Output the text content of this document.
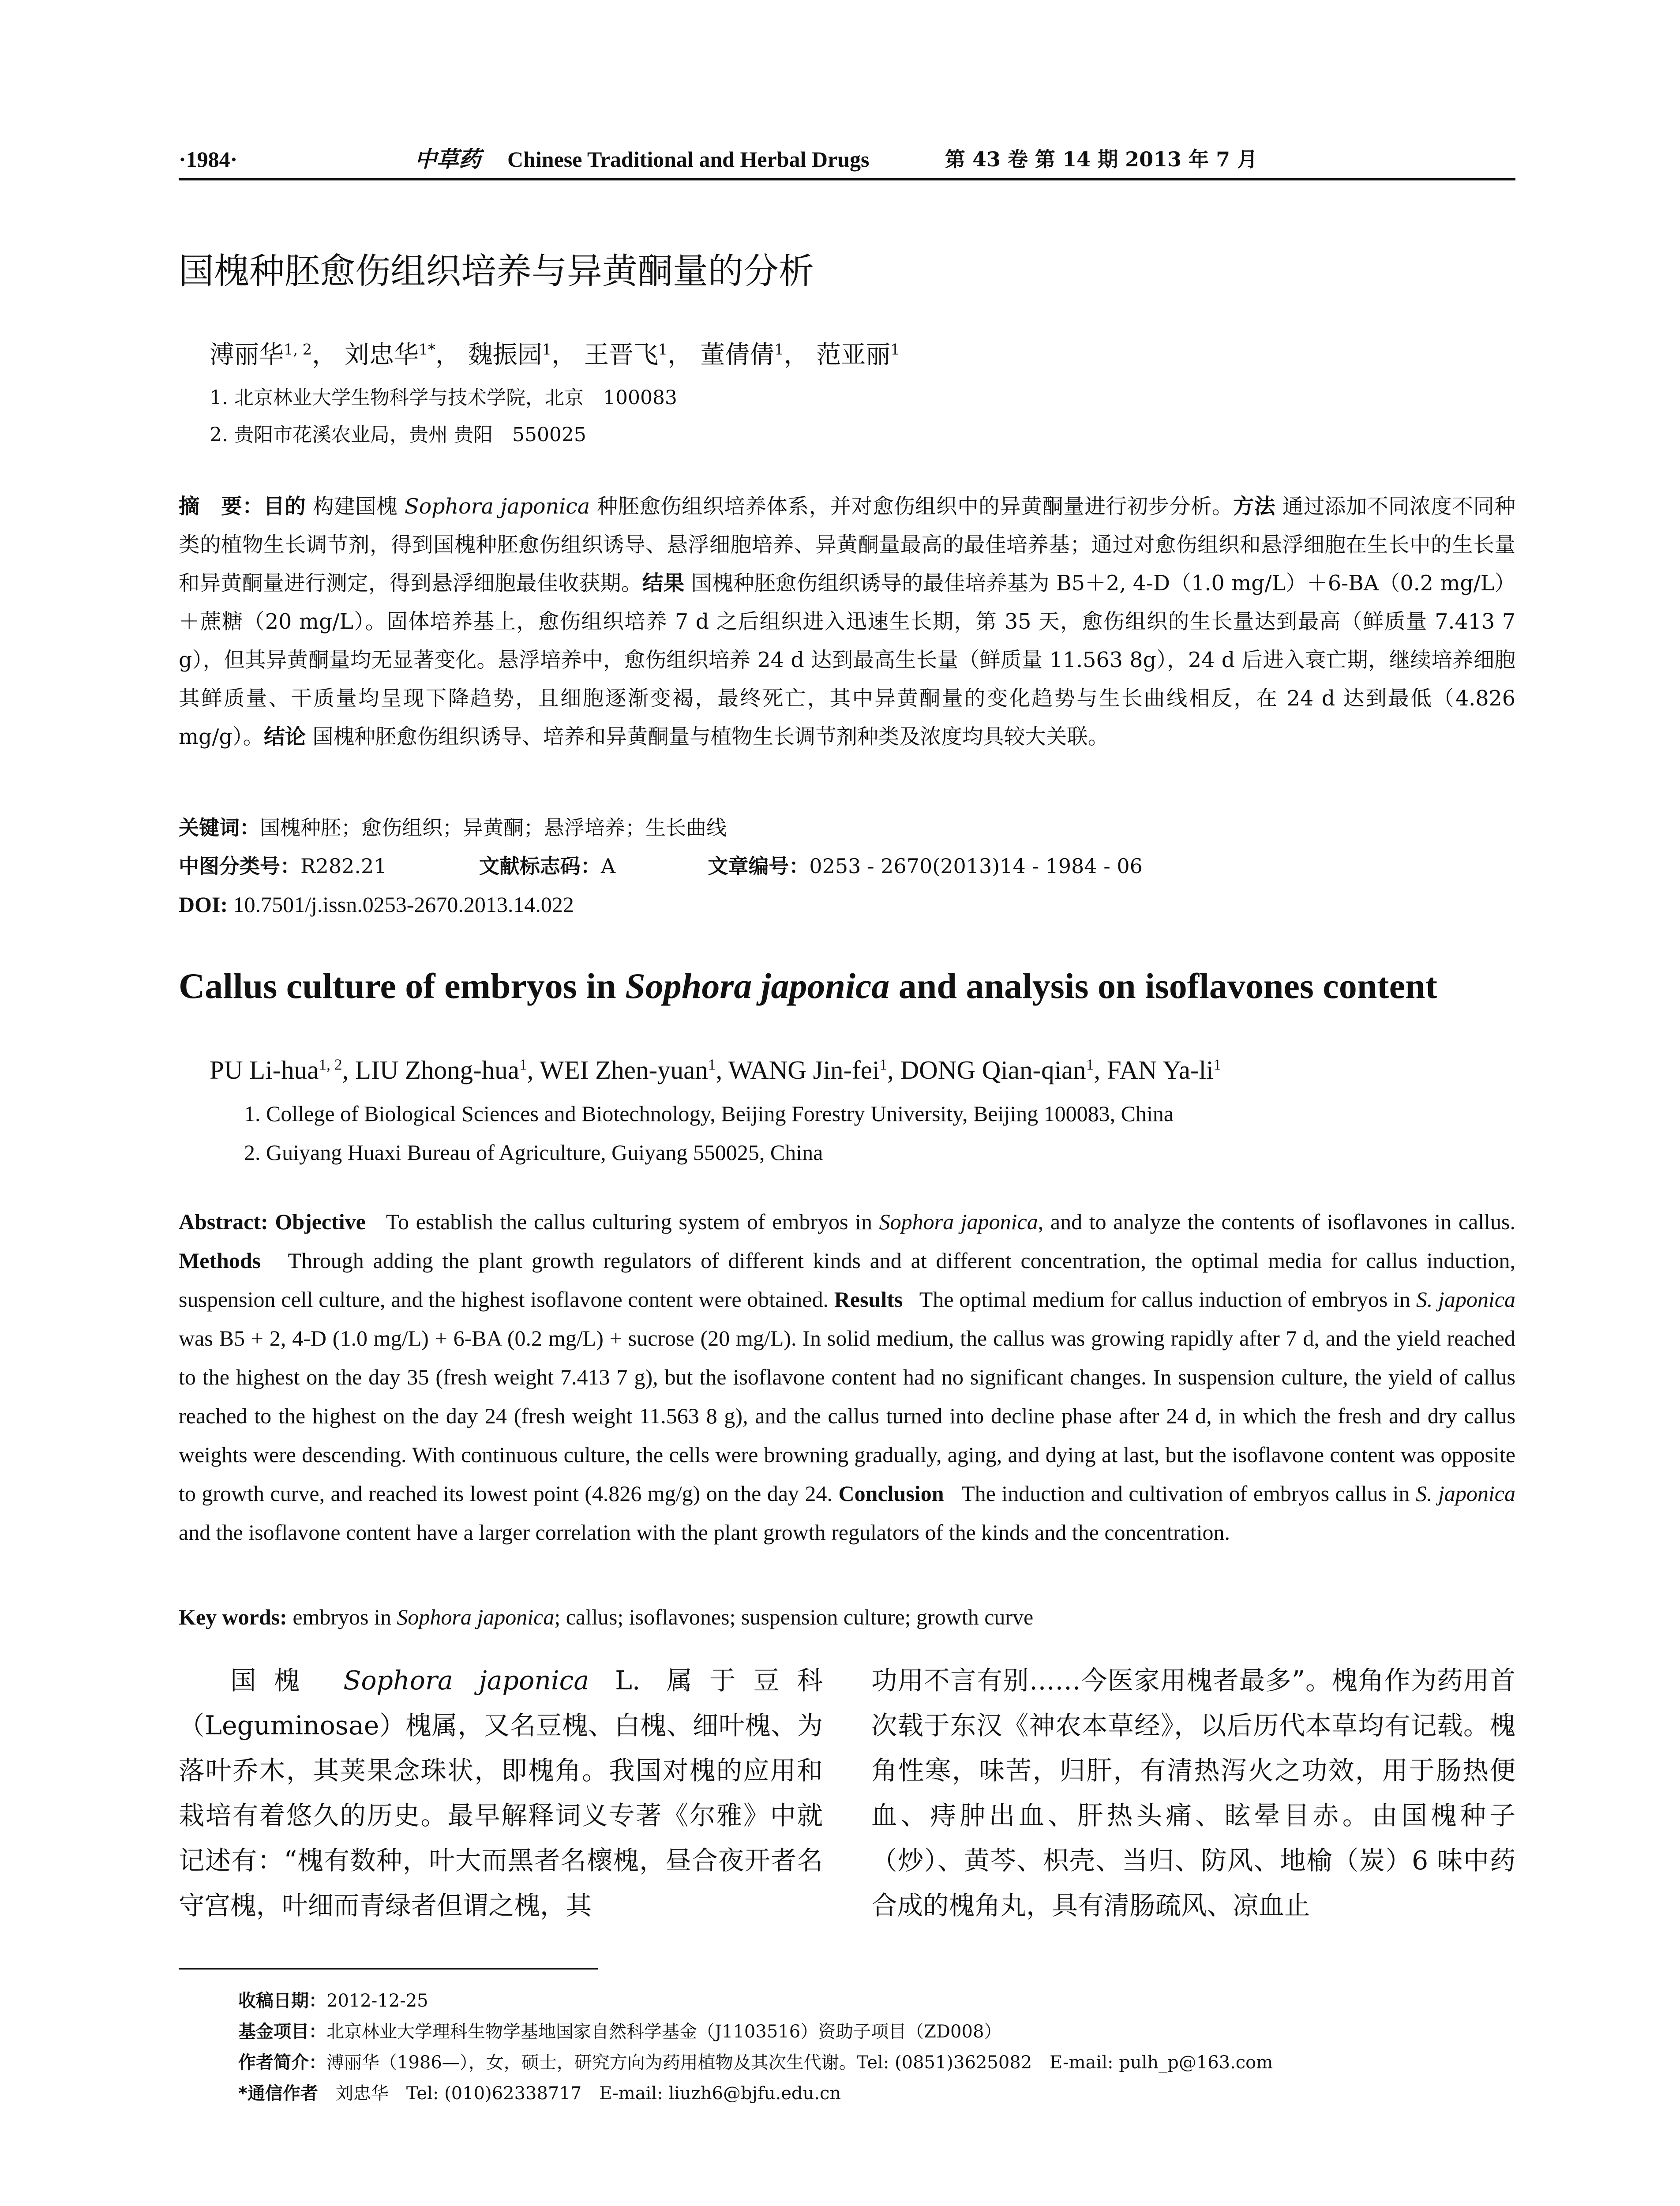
·1984·	中草药 Chinese Traditional and Herbal Drugs	第 43 卷 第 14 期 2013 年 7 月
国槐种胚愈伤组织培养与异黄酮量的分析
溥丽华$^{1, 2}$， 刘忠华$^{1*}$， 魏振园$^1$， 王晋飞$^1$， 董倩倩$^1$， 范亚丽$^1$
1. 北京林业大学生物科学与技术学院，北京　100083
2. 贵阳市花溪农业局，贵州 贵阳　550025
摘　要：目的 构建国槐 Sophora japonica 种胚愈伤组织培养体系，并对愈伤组织中的异黄酮量进行初步分析。方法 通过添加不同浓度不同种类的植物生长调节剂，得到国槐种胚愈伤组织诱导、悬浮细胞培养、异黄酮量最高的最佳培养基；通过对愈伤组织和悬浮细胞在生长中的生长量和异黄酮量进行测定，得到悬浮细胞最佳收获期。结果 国槐种胚愈伤组织诱导的最佳培养基为 B5＋2, 4-D（1.0 mg/L）＋6-BA（0.2 mg/L）＋蔗糖（20 mg/L）。固体培养基上，愈伤组织培养 7 d 之后组织进入迅速生长期，第 35 天，愈伤组织的生长量达到最高（鲜质量 7.413 7 g），但其异黄酮量均无显著变化。悬浮培养中，愈伤组织培养 24 d 达到最高生长量（鲜质量 11.563 8g），24 d 后进入衰亡期，继续培养细胞其鲜质量、干质量均呈现下降趋势，且细胞逐渐变褐，最终死亡，其中异黄酮量的变化趋势与生长曲线相反，在 24 d 达到最低（4.826 mg/g）。结论 国槐种胚愈伤组织诱导、培养和异黄酮量与植物生长调节剂种类及浓度均具较大关联。
关键词：国槐种胚；愈伤组织；异黄酮；悬浮培养；生长曲线
中图分类号：R282.21	文献标志码：A	文章编号：0253 - 2670(2013)14 - 1984 - 06
DOI: 10.7501/j.issn.0253-2670.2013.14.022
Callus culture of embryos in Sophora japonica and analysis on isoflavones content
PU Li-hua$^{1, 2}$, LIU Zhong-hua$^1$, WEI Zhen-yuan$^1$, WANG Jin-fei$^1$, DONG Qian-qian$^1$, FAN $Ya-li^1$
1. College of Biological Sciences and Biotechnology, Beijing Forestry University, Beijing 100083, China
2. Guiyang Huaxi Bureau of Agriculture, Guiyang 550025, China
Abstract: Objective To establish the callus culturing system of embryos in Sophora japonica, and to analyze the contents of isoflavones in callus. Methods Through adding the plant growth regulators of different kinds and at different concentration, the optimal media for callus induction, suspension cell culture, and the highest isoflavone content were obtained. Results The optimal medium for callus induction of embryos in S. japonica was B5 + 2, 4-D (1.0 mg/L) + 6-BA (0.2 mg/L) + sucrose (20 mg/L). In solid medium, the callus was growing rapidly after 7 d, and the yield reached to the highest on the day 35 (fresh weight 7.413 7 g), but the isoflavone content had no significant changes. In suspension culture, the yield of callus reached to the highest on the day 24 (fresh weight 11.563 8 g), and the callus turned into decline phase after 24 d, in which the fresh and dry callus weights were descending. With continuous culture, the cells were browning gradually, aging, and dying at last, but the isoflavone content was opposite to growth curve, and reached its lowest point (4.826 mg/g) on the day 24. Conclusion The induction and cultivation of embryos callus in S. japonica and the isoflavone content have a larger correlation with the plant growth regulators of the kinds and the concentration.
Key words: embryos in Sophora japonica; callus; isoflavones; suspension culture; growth curve
国槐 Sophora japonica L. 属于豆科（Leguminosae）槐属，又名豆槐、白槐、细叶槐、为落叶乔木，其荚果念珠状，即槐角。我国对槐的应用和栽培有着悠久的历史。最早解释词义专著《尔雅》中就记述有：“槐有数种，叶大而黑者名櫰槐，昼合夜开者名守宫槐，叶细而青绿者但谓之槐，其
功用不言有别……今医家用槐者最多”。槐角作为药用首次载于东汉《神农本草经》，以后历代本草均有记载。槐角性寒，味苦，归肝，有清热泻火之功效，用于肠热便血、痔肿出血、肝热头痛、眩晕目赤。由国槐种子（炒）、黄芩、枳壳、当归、防风、地榆（炭）6 味中药合成的槐角丸，具有清肠疏风、凉血止
收稿日期：2012-12-25
基金项目：北京林业大学理科生物学基地国家自然科学基金（J1103516）资助子项目（ZD008）
作者简介：溥丽华（1986—），女，硕士，研究方向为药用植物及其次生代谢。Tel: (0851)3625082　E-mail: pulh_p@163.com
*通信作者　刘忠华　Tel: (010)62338717　E-mail: liuzh6@bjfu.edu.cn
